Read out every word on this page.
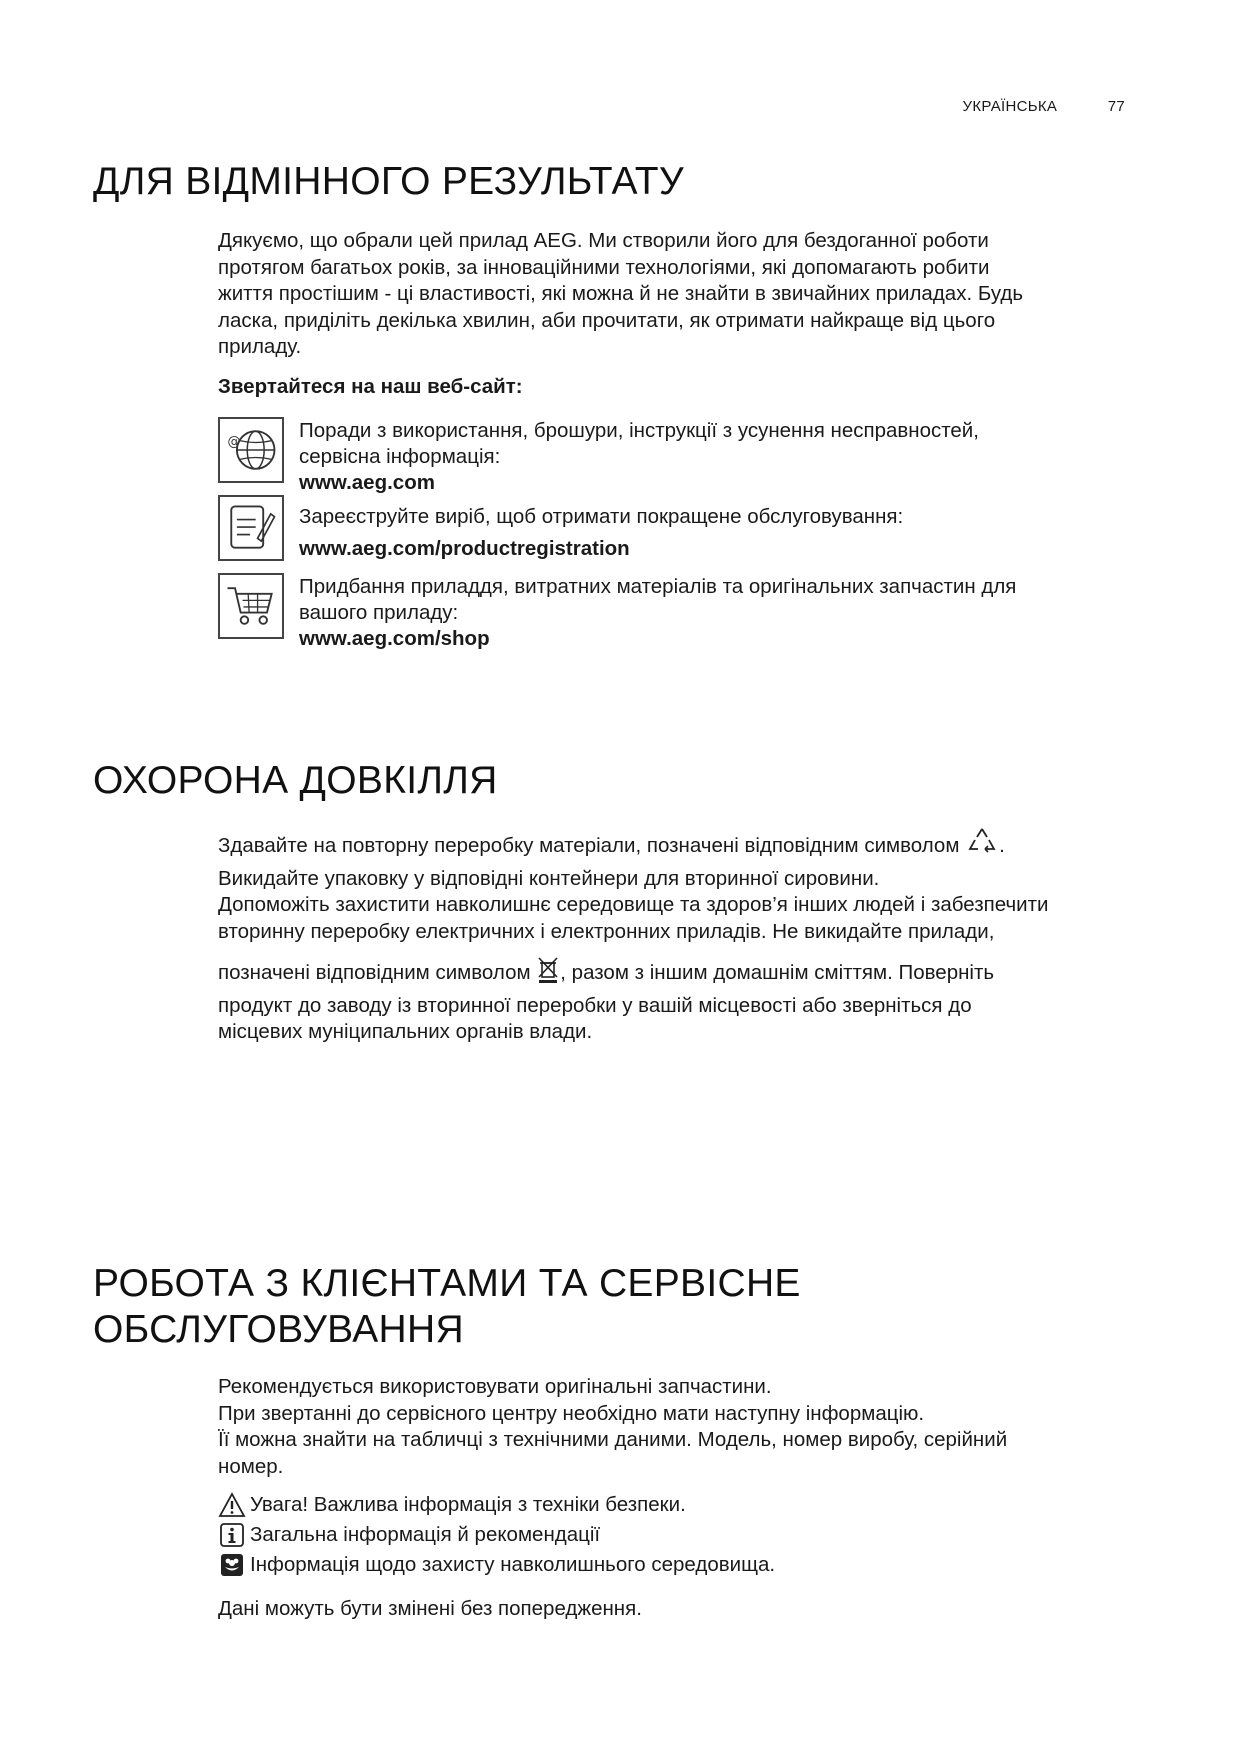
УКРАЇНСЬКА	77
ДЛЯ ВІДМІННОГО РЕЗУЛЬТАТУ

Дякуємо, що обрали цей прилад AEG. Ми створили його для бездоганної роботи

протягом багатьох років, за інноваційними технологіями, які допомагають робити

життя простішим - ці властивості, які можна й не знайти в звичайних приладах. Будь

ласка, приділіть декілька хвилин, аби прочитати, як отримати найкраще від цього

приладу.

Звертайтеся на наш веб-сайт:
@	Поради з використання, брошури, інструкції з усунення несправностей,

сервісна інформація:

www.aeg.com

Зареєструйте виріб, щоб отримати покращене обслуговування:

www.aeg.com/productregistration

Придбання приладдя, витратних матеріалів та оригінальних запчастин для

вашого приладу:

www.aeg.com/shop

ОХОРОНА ДОВКІЛЛЯ

Здавайте на повторну переробку матеріали, позначені відповідним символом .

Викидайте упаковку у відповідні контейнери для вторинної сировини.

Допоможіть захистити навколишнє середовище та здоров’я інших людей і забезпечити

вторинну переробку електричних і електронних приладів. Не викидайте прилади,

позначені відповідним символом , разом з іншим домашнім сміттям. Поверніть

продукт до заводу із вторинної переробки у вашій місцевості або зверніться до

місцевих муніципальних органів влади.

РОБОТА З КЛІЄНТАМИ ТА СЕРВІСНЕ
ОБСЛУГОВУВАННЯ

Рекомендується використовувати оригінальні запчастини.

При звертанні до сервісного центру необхідно мати наступну інформацію.

Її можна знайти на табличці з технічними даними. Модель, номер виробу, серійний

номер.

Увага! Важлива інформація з техніки безпеки.
Загальна інформація й рекомендації
Інформація щодо захисту навколишнього середовища.
Дані можуть бути змінені без попередження.
